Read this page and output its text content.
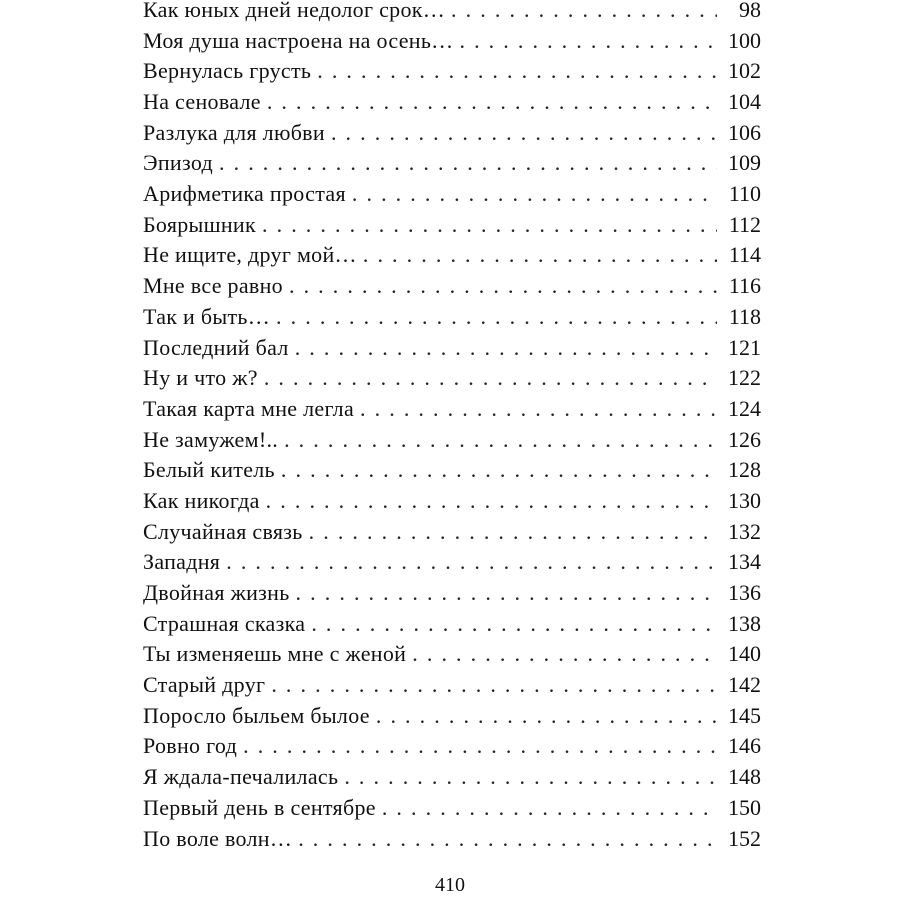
Как юных дней недолог срок… . . .	98
Моя душа настроена на осень… . . .	100
Вернулась грусть . . .	102
На сеновале . . .	104
Разлука для любви . . .	106
Эпизод . . .	109
Арифметика простая . . .	110
Боярышник . . .	112
Не ищите, друг мой… . . .	114
Мне все равно . . .	116
Так и быть… . . .	118
Последний бал . . .	121
Ну и что ж? . . .	122
Такая карта мне легла . . .	124
Не замужем!.. . . .	126
Белый китель . . .	128
Как никогда . . .	130
Случайная связь . . .	132
Западня . . .	134
Двойная жизнь . . .	136
Страшная сказка . . .	138
Ты изменяешь мне с женой . . .	140
Старый друг . . .	142
Поросло быльем былое . . .	145
Ровно год . . .	146
Я ждала-печалилась . . .	148
Первый день в сентябре . . .	150
По воле волн… . . .	152
410
